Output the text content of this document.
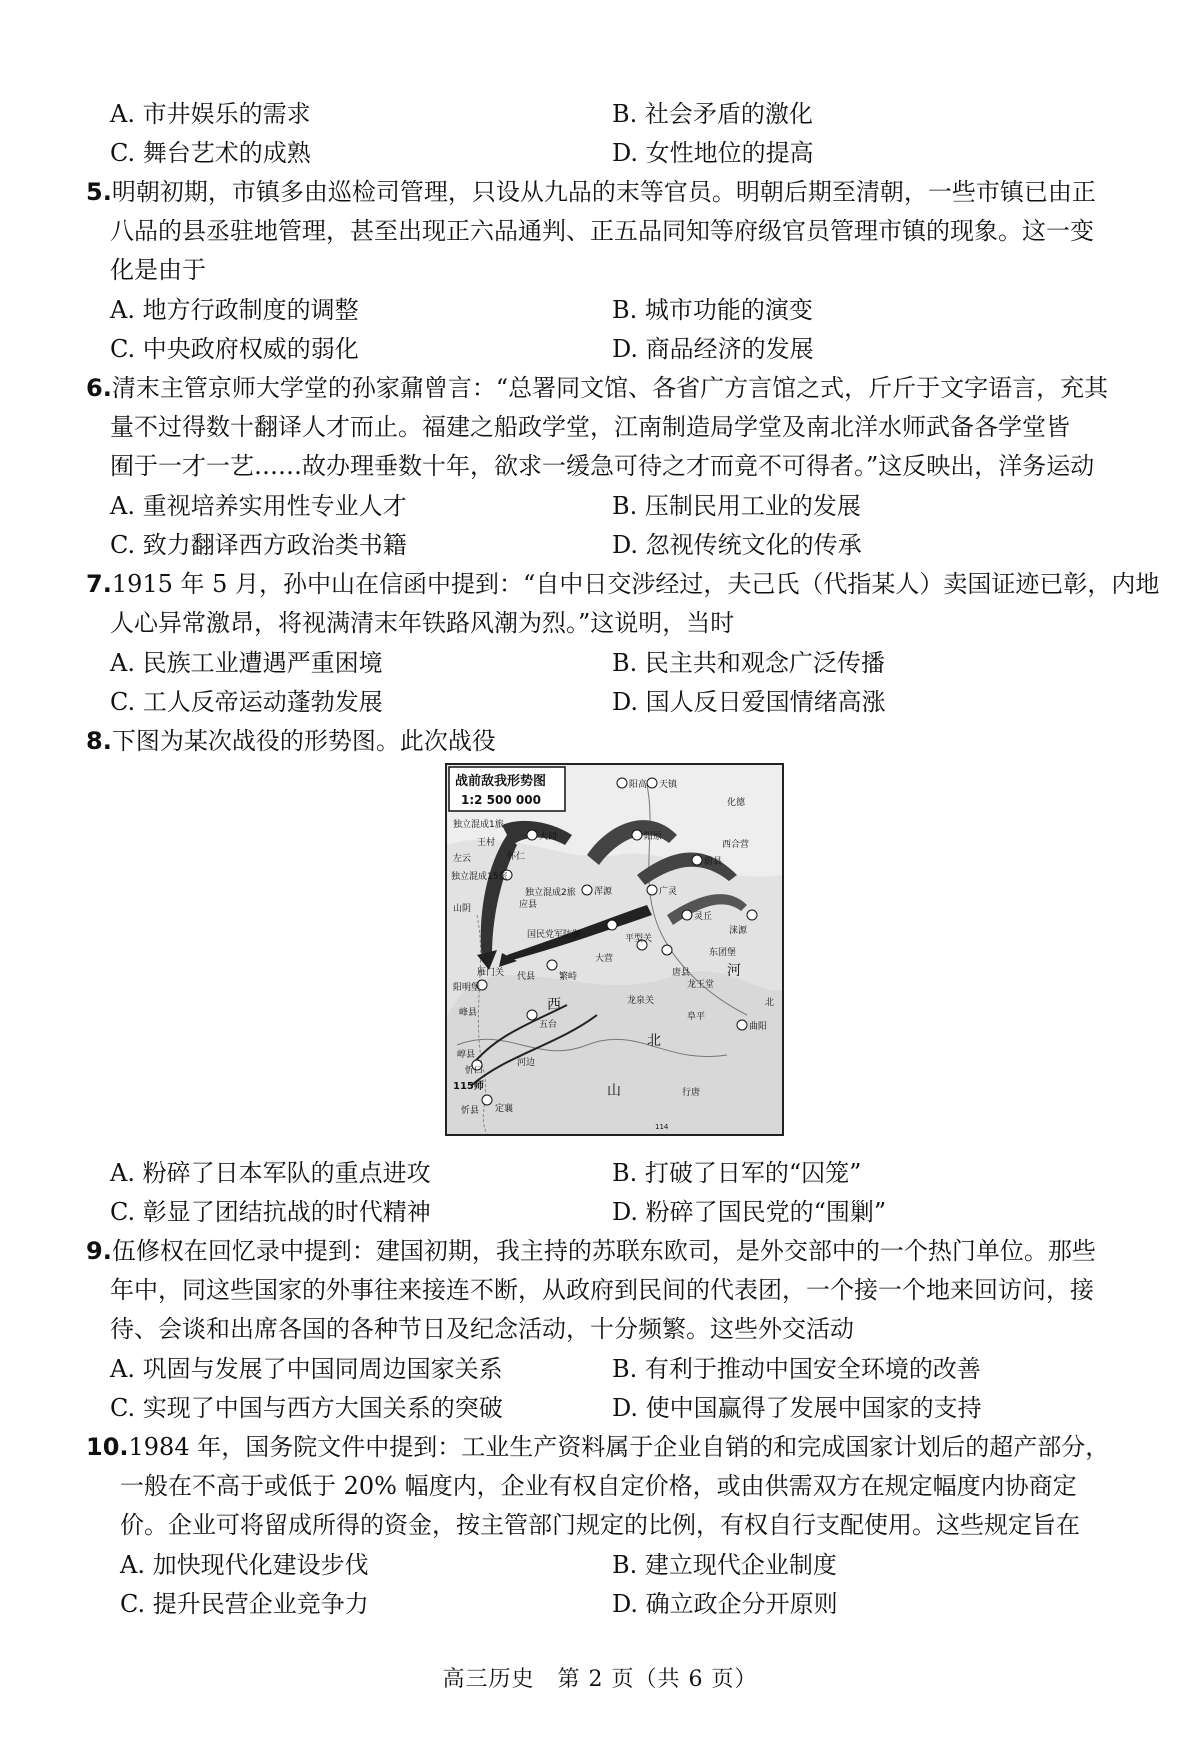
A. 市井娱乐的需求	B. 社会矛盾的激化
C. 舞台艺术的成熟	D. 女性地位的提高
5.明朝初期，市镇多由巡检司管理，只设从九品的末等官员。明朝后期至清朝，一些市镇已由正
八品的县丞驻地管理，甚至出现正六品通判、正五品同知等府级官员管理市镇的现象。这一变
化是由于
A. 地方行政制度的调整	B. 城市功能的演变
C. 中央政府权威的弱化	D. 商品经济的发展
6.清末主管京师大学堂的孙家鼐曾言：“总署同文馆、各省广方言馆之式，斤斤于文字语言，充其
量不过得数十翻译人才而止。福建之船政学堂，江南制造局学堂及南北洋水师武备各学堂皆
囿于一才一艺……故办理垂数十年，欲求一缓急可待之才而竟不可得者。”这反映出，洋务运动
A. 重视培养实用性专业人才	B. 压制民用工业的发展
C. 致力翻译西方政治类书籍	D. 忽视传统文化的传承
7.1915 年 5 月，孙中山在信函中提到：“自中日交涉经过，夫己氏（代指某人）卖国证迹已彰，内地
人心异常激昂，将视满清末年铁路风潮为烈。”这说明，当时
A. 民族工业遭遇严重困境	B. 民主共和观念广泛传播
C. 工人反帝运动蓬勃发展	D. 国人反日爱国情绪高涨
8.下图为某次战役的形势图。此次战役
战前敌我形势图
1:2 500 000
阳高 天镇
化德
独立混成1旅
大同
王村
阳原
左云	怀仁
西合营
独立混成15旅
蔚县
独立混成2旅 浑源	广灵
山阴	应县
灵丘
涞源
国民党军防御	平型关
繁峙
代县
雁门关
阳明堡
西
唐县
峰县
五台
龙泉关
阜平
北
崞县
忻口
河边
115师
曲阳
忻县 定襄
行唐
山
河
东团堡
大营
龙王堂
北
114
A. 粉碎了日本军队的重点进攻	B. 打破了日军的“囚笼”
C. 彰显了团结抗战的时代精神	D. 粉碎了国民党的“围剿”
9.伍修权在回忆录中提到：建国初期，我主持的苏联东欧司，是外交部中的一个热门单位。那些
年中，同这些国家的外事往来接连不断，从政府到民间的代表团，一个接一个地来回访问，接
待、会谈和出席各国的各种节日及纪念活动，十分频繁。这些外交活动
A. 巩固与发展了中国同周边国家关系	B. 有利于推动中国安全环境的改善
C. 实现了中国与西方大国关系的突破	D. 使中国赢得了发展中国家的支持
10.1984 年，国务院文件中提到：工业生产资料属于企业自销的和完成国家计划后的超产部分，
一般在不高于或低于 20% 幅度内，企业有权自定价格，或由供需双方在规定幅度内协商定
价。企业可将留成所得的资金，按主管部门规定的比例，有权自行支配使用。这些规定旨在
A. 加快现代化建设步伐	B. 建立现代企业制度
C. 提升民营企业竞争力	D. 确立政企分开原则
高三历史　第 2 页（共 6 页）
